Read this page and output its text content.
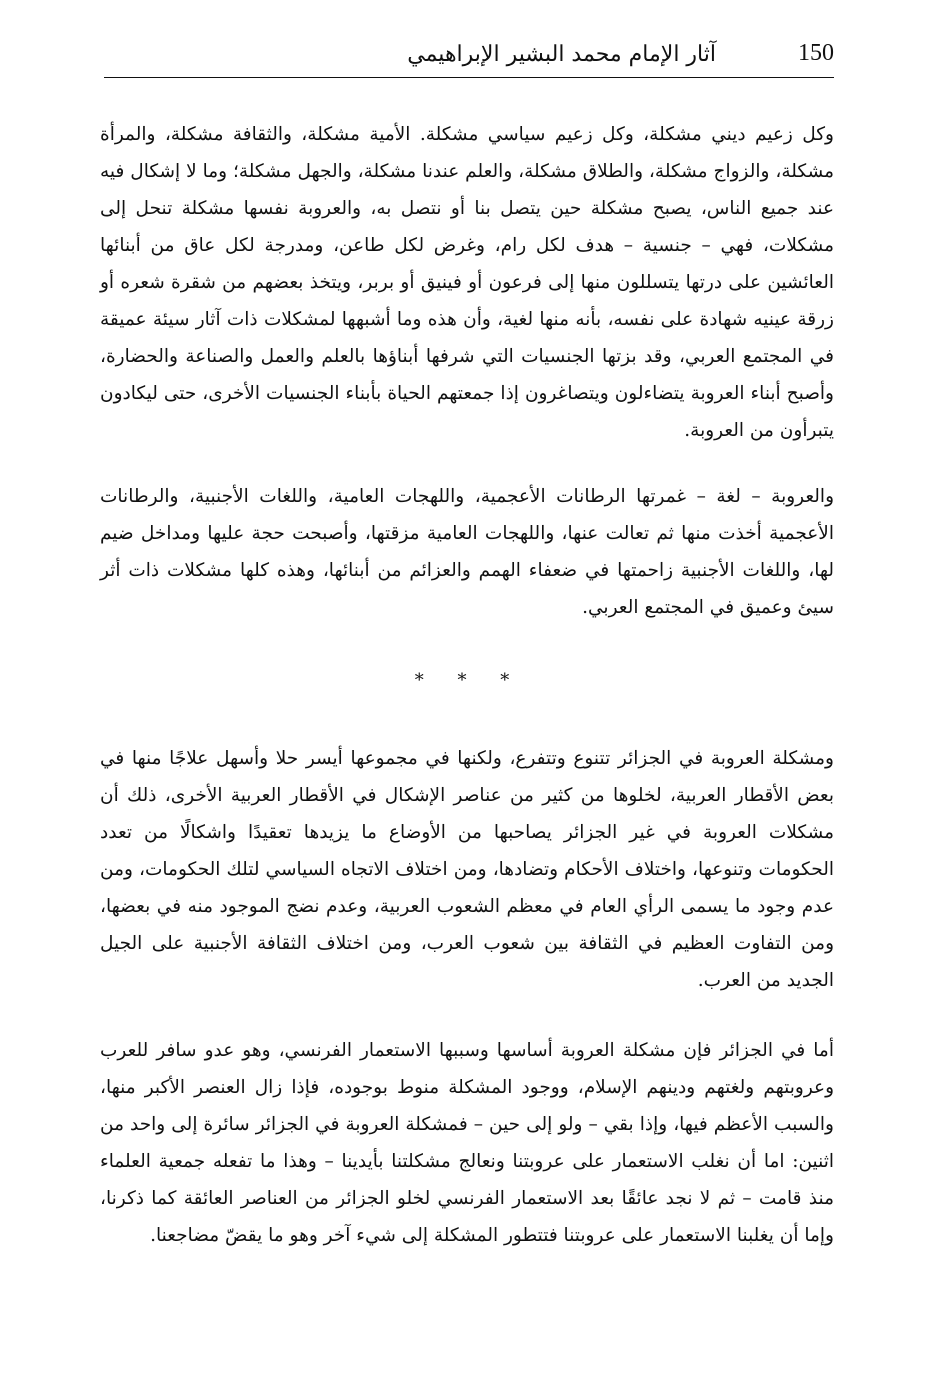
150
آثار الإمام محمد البشير الإبراهيمي

وكل زعيم ديني مشكلة، وكل زعيم سياسي مشكلة. الأمية مشكلة، والثقافة مشكلة، والمرأة مشكلة، والزواج مشكلة، والطلاق مشكلة، والعلم عندنا مشكلة، والجهل مشكلة؛ وما لا إشكال فيه عند جميع الناس، يصبح مشكلة حين يتصل بنا أو نتصل به، والعروبة نفسها مشكلة تنحل إلى مشكلات، فهي – جنسية – هدف لكل رام، وغرض لكل طاعن، ومدرجة لكل عاق من أبنائها العائشين على درتها يتسللون منها إلى فرعون أو فينيق أو بربر، ويتخذ بعضهم من شقرة شعره أو زرقة عينيه شهادة على نفسه، بأنه منها لغية، وأن هذه وما أشبهها لمشكلات ذات آثار سيئة عميقة في المجتمع العربي، وقد بزتها الجنسيات التي شرفها أبناؤها بالعلم والعمل والصناعة والحضارة، وأصبح أبناء العروبة يتضاءلون ويتصاغرون إذا جمعتهم الحياة بأبناء الجنسيات الأخرى، حتى ليكادون يتبرأون من العروبة.

والعروبة – لغة – غمرتها الرطانات الأعجمية، واللهجات العامية، واللغات الأجنبية، والرطانات الأعجمية أخذت منها ثم تعالت عنها، واللهجات العامية مزقتها، وأصبحت حجة عليها ومداخل ضيم لها، واللغات الأجنبية زاحمتها في ضعفاء الهمم والعزائم من أبنائها، وهذه كلها مشكلات ذات أثر سيئ وعميق في المجتمع العربي.

* * *

ومشكلة العروبة في الجزائر تتنوع وتتفرع، ولكنها في مجموعها أيسر حلا وأسهل علاجًا منها في بعض الأقطار العربية، لخلوها من كثير من عناصر الإشكال في الأقطار العربية الأخرى، ذلك أن مشكلات العروبة في غير الجزائر يصاحبها من الأوضاع ما يزيدها تعقيدًا واشكالًا من تعدد الحكومات وتنوعها، واختلاف الأحكام وتضادها، ومن اختلاف الاتجاه السياسي لتلك الحكومات، ومن عدم وجود ما يسمى الرأي العام في معظم الشعوب العربية، وعدم نضج الموجود منه في بعضها، ومن التفاوت العظيم في الثقافة بين شعوب العرب، ومن اختلاف الثقافة الأجنبية على الجيل الجديد من العرب.

أما في الجزائر فإن مشكلة العروبة أساسها وسببها الاستعمار الفرنسي، وهو عدو سافر للعرب وعروبتهم ولغتهم ودينهم الإسلام، ووجود المشكلة منوط بوجوده، فإذا زال العنصر الأكبر منها، والسبب الأعظم فيها، وإذا بقي – ولو إلى حين – فمشكلة العروبة في الجزائر سائرة إلى واحد من اثنين: اما أن نغلب الاستعمار على عروبتنا ونعالج مشكلتنا بأيدينا – وهذا ما تفعله جمعية العلماء منذ قامت – ثم لا نجد عائقًا بعد الاستعمار الفرنسي لخلو الجزائر من العناصر العائقة كما ذكرنا، وإما أن يغلبنا الاستعمار على عروبتنا فتتطور المشكلة إلى شيء آخر وهو ما يقضّ مضاجعنا.
